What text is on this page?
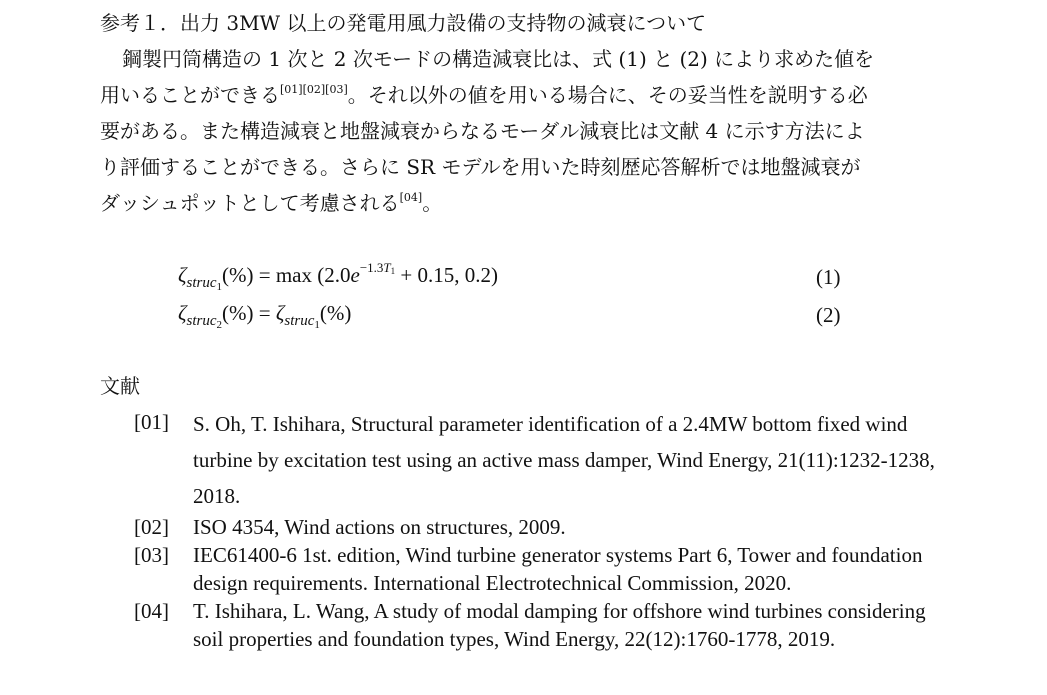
参考１．出力 3MW 以上の発電用風力設備の支持物の減衰について
鋼製円筒構造の 1 次と 2 次モードの構造減衰比は、式 (1) と (2) により求めた値を
用いることができる[01][02][03]。それ以外の値を用いる場合に、その妥当性を説明する必
要がある。また構造減衰と地盤減衰からなるモーダル減衰比は文献 4 に示す方法によ
り評価することができる。さらに SR モデルを用いた時刻歴応答解析では地盤減衰が
ダッシュポットとして考慮される[04]。
$\zeta_{struc_1}(\%) = \max (2.0e^{-1.3T_1} + 0.15$, 0.2)	(1)
$\zeta_{struc_2}(\%) = \zeta_{struc_1}(\%)$	(2)
文献
[01] S. Oh, T. Ishihara, Structural parameter identification of a 2.4MW bottom fixed wind
turbine by excitation test using an active mass damper, Wind Energy, 21(11):1232-1238,
2018.
[02] ISO 4354, Wind actions on structures, 2009.
[03] IEC61400-6 1st. edition, Wind turbine generator systems Part 6, Tower and foundation
design requirements. International Electrotechnical Commission, 2020.
[04] T. Ishihara, L. Wang, A study of modal damping for offshore wind turbines considering
soil properties and foundation types, Wind Energy, 22(12):1760-1778, 2019.
